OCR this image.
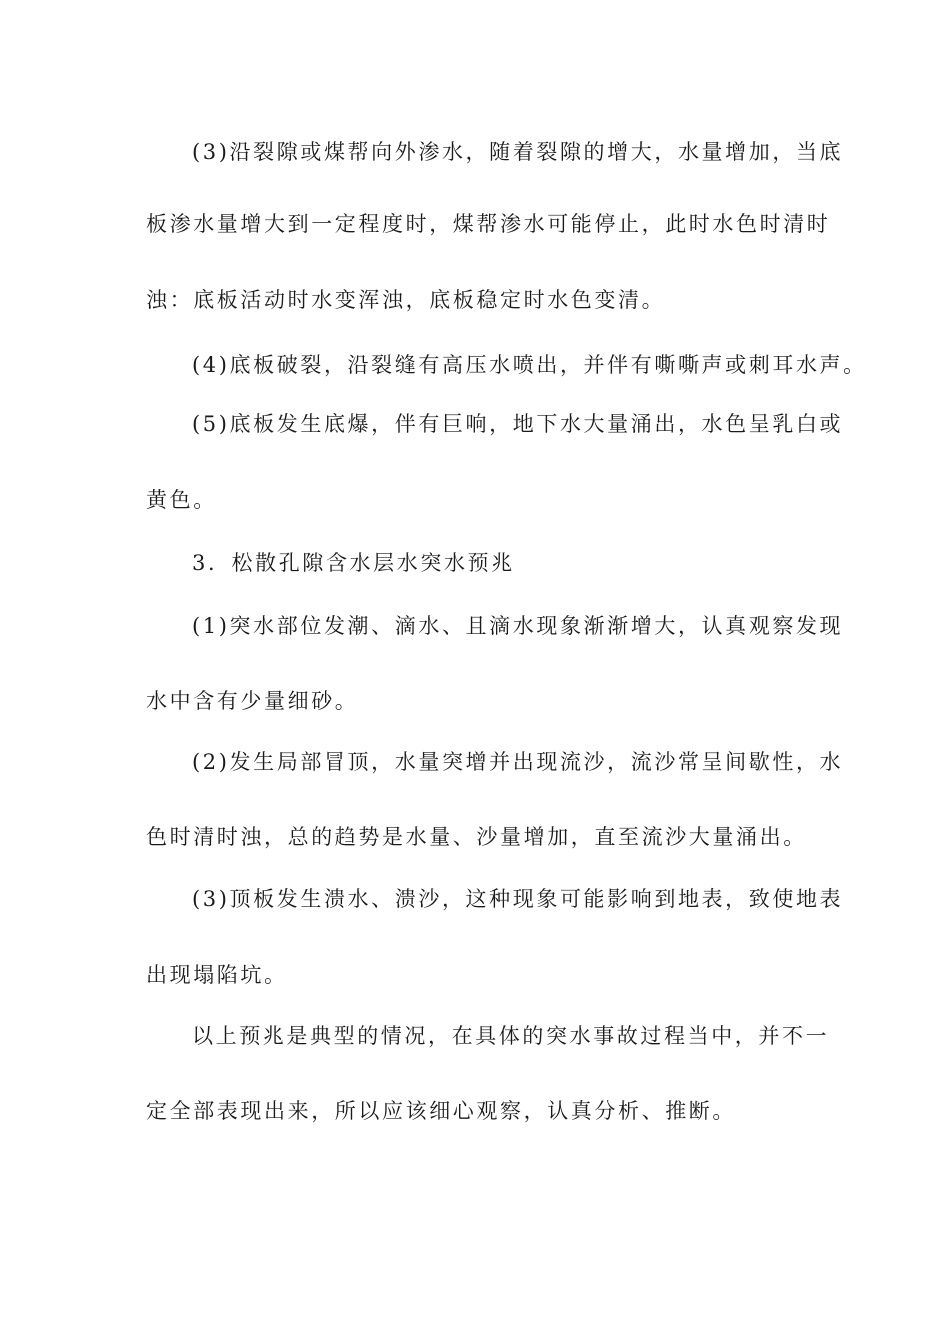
(3)沿裂隙或煤帮向外渗水，随着裂隙的增大，水量增加，当底
板渗水量增大到一定程度时，煤帮渗水可能停止，此时水色时清时
浊：底板活动时水变浑浊，底板稳定时水色变清。
(4)底板破裂，沿裂缝有高压水喷出，并伴有嘶嘶声或刺耳水声。
(5)底板发生底爆，伴有巨响，地下水大量涌出，水色呈乳白或
黄色。
3．松散孔隙含水层水突水预兆
(1)突水部位发潮、滴水、且滴水现象渐渐增大，认真观察发现
水中含有少量细砂。
(2)发生局部冒顶，水量突增并出现流沙，流沙常呈间歇性，水
色时清时浊，总的趋势是水量、沙量增加，直至流沙大量涌出。
(3)顶板发生溃水、溃沙，这种现象可能影响到地表，致使地表
出现塌陷坑。
以上预兆是典型的情况，在具体的突水事故过程当中，并不一
定全部表现出来，所以应该细心观察，认真分析、推断。
